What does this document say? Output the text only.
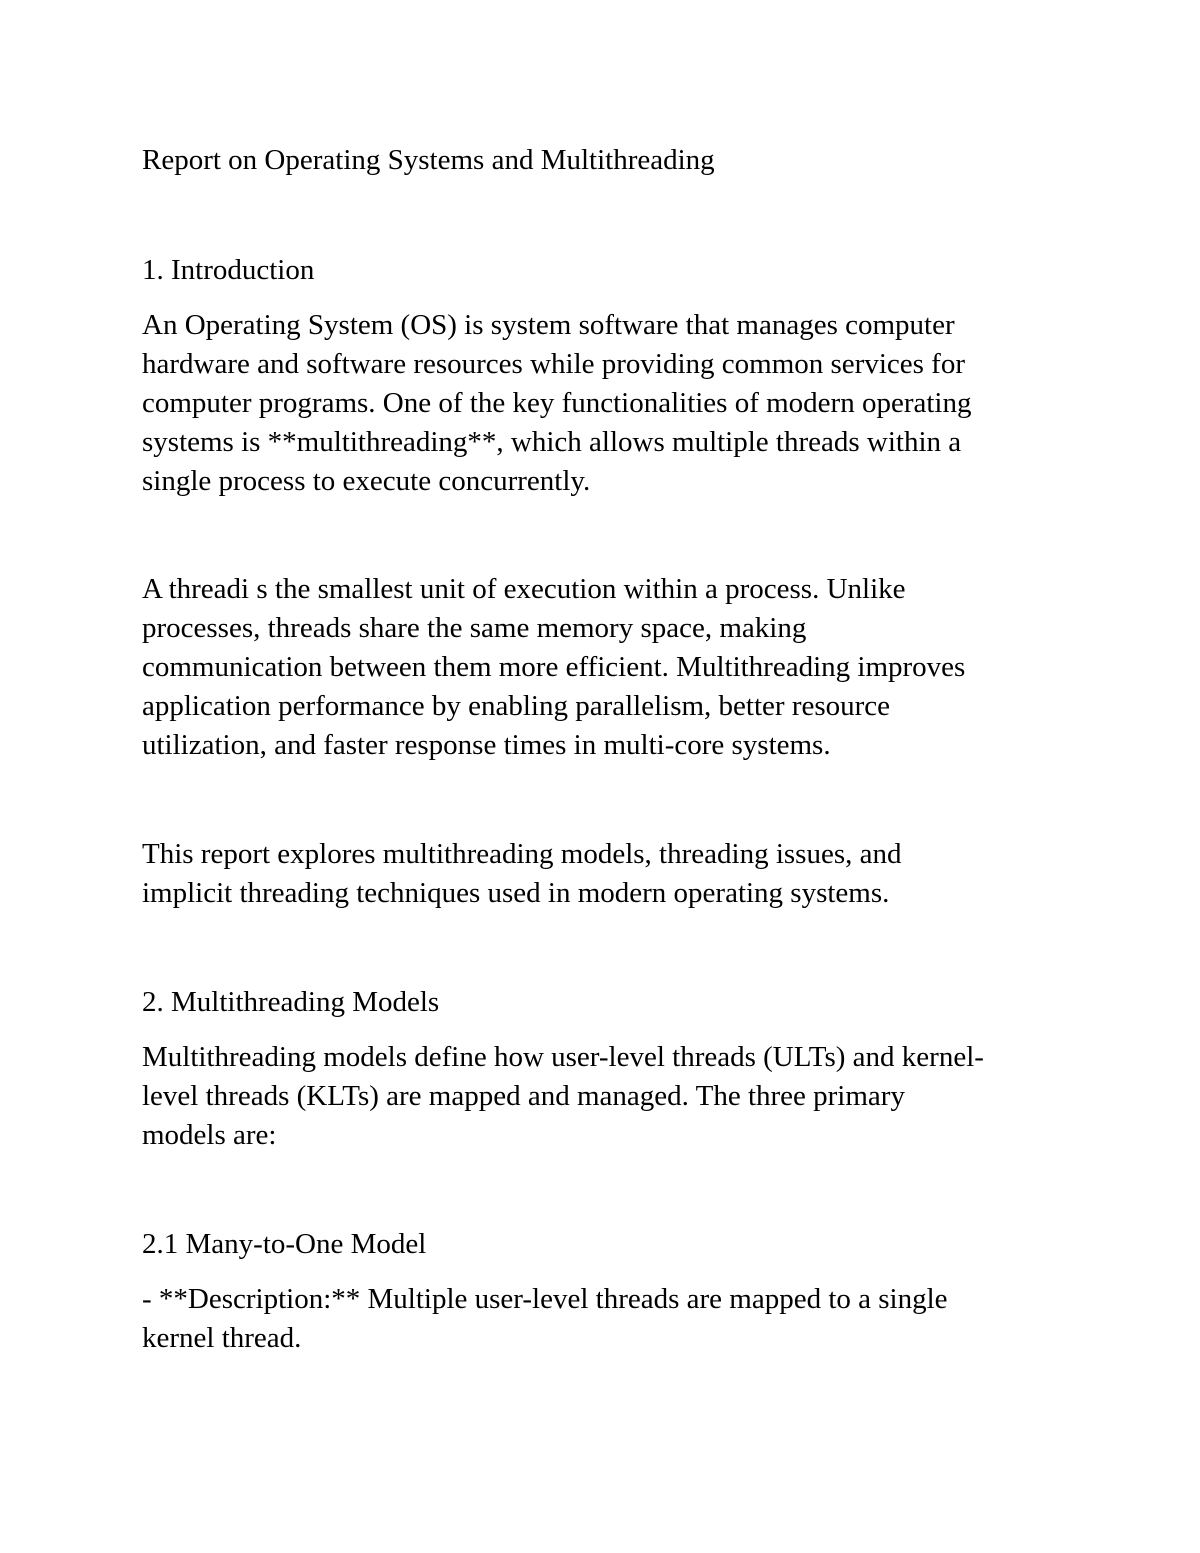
Report on Operating Systems and Multithreading
1. Introduction
An Operating System (OS) is system software that manages computer
hardware and software resources while providing common services for
computer programs. One of the key functionalities of modern operating
systems is **multithreading**, which allows multiple threads within a
single process to execute concurrently.
A threadi s the smallest unit of execution within a process. Unlike
processes, threads share the same memory space, making
communication between them more efficient. Multithreading improves
application performance by enabling parallelism, better resource
utilization, and faster response times in multi-core systems.
This report explores multithreading models, threading issues, and
implicit threading techniques used in modern operating systems.
2. Multithreading Models
Multithreading models define how user-level threads (ULTs) and kernel-
level threads (KLTs) are mapped and managed. The three primary
models are:
2.1 Many-to-One Model
- **Description:** Multiple user-level threads are mapped to a single
kernel thread.
